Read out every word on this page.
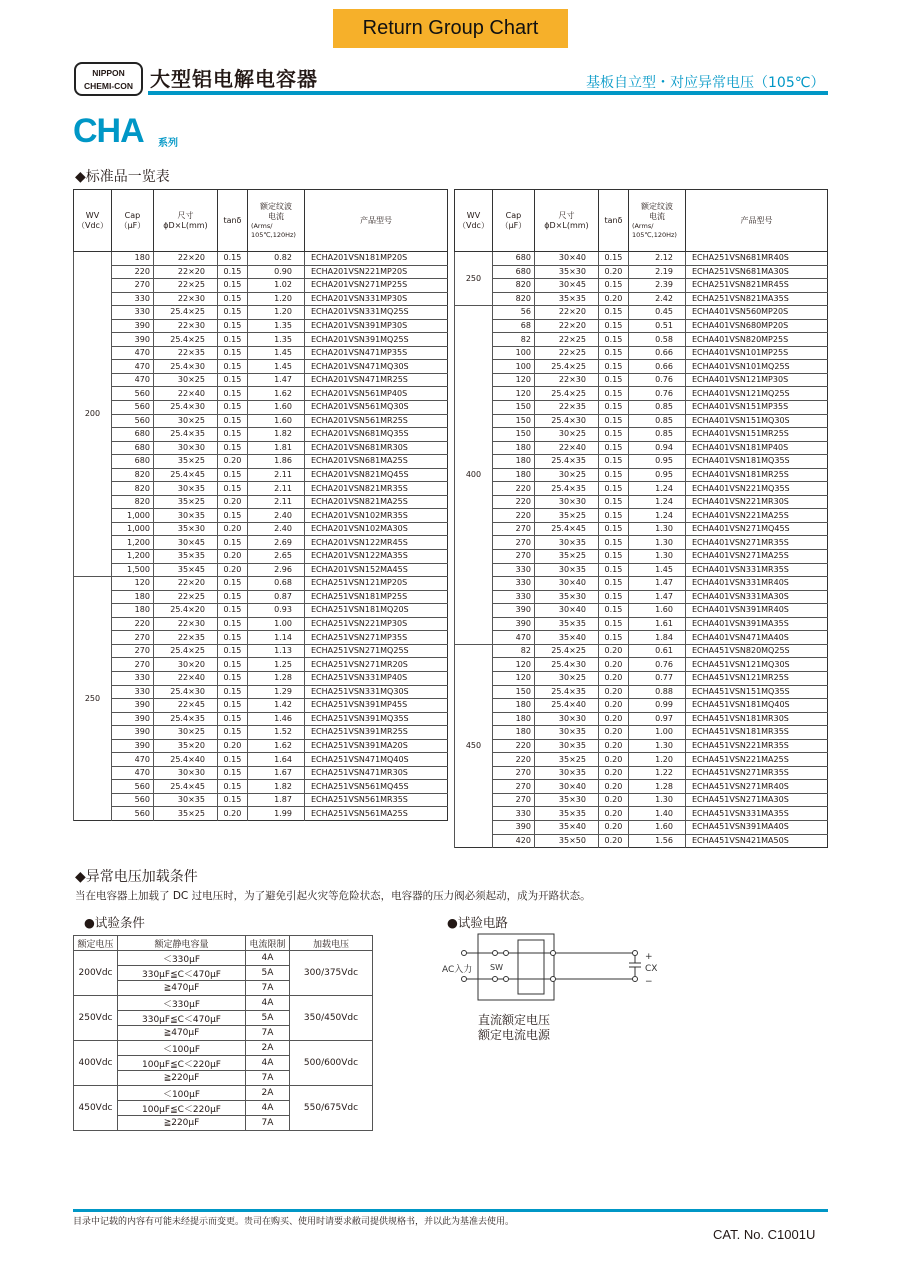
Return Group Chart
NIPPON
CHEMI-CON 大型铝电解电容器	基板自立型・对应异常电压（105℃）
CHA 系列
◆标准品一览表
WV
（Vdc）	Cap
（μF）	尺寸
ϕD×L(mm)	tanδ	额定纹波
电流
(Arms/
105℃,120Hz)	产品型号
200	180	22×20	0.15	0.82	ECHA201VSN181MP20S
	220	22×20	0.15	0.90	ECHA201VSN221MP20S
	270	22×25	0.15	1.02	ECHA201VSN271MP25S
	330	22×30	0.15	1.20	ECHA201VSN331MP30S
	330	25.4×25	0.15	1.20	ECHA201VSN331MQ25S
	390	22×30	0.15	1.35	ECHA201VSN391MP30S
	390	25.4×25	0.15	1.35	ECHA201VSN391MQ25S
	470	22×35	0.15	1.45	ECHA201VSN471MP35S
	470	25.4×30	0.15	1.45	ECHA201VSN471MQ30S
	470	30×25	0.15	1.47	ECHA201VSN471MR25S
	560	22×40	0.15	1.62	ECHA201VSN561MP40S
	560	25.4×30	0.15	1.60	ECHA201VSN561MQ30S
	560	30×25	0.15	1.60	ECHA201VSN561MR25S
	680	25.4×35	0.15	1.82	ECHA201VSN681MQ35S
	680	30×30	0.15	1.81	ECHA201VSN681MR30S
	680	35×25	0.20	1.86	ECHA201VSN681MA25S
	820	25.4×45	0.15	2.11	ECHA201VSN821MQ45S
	820	30×35	0.15	2.11	ECHA201VSN821MR35S
	820	35×25	0.20	2.11	ECHA201VSN821MA25S
	1,000	30×35	0.15	2.40	ECHA201VSN102MR35S
	1,000	35×30	0.20	2.40	ECHA201VSN102MA30S
	1,200	30×45	0.15	2.69	ECHA201VSN122MR45S
	1,200	35×35	0.20	2.65	ECHA201VSN122MA35S
	1,500	35×45	0.20	2.96	ECHA201VSN152MA45S
250	120	22×20	0.15	0.68	ECHA251VSN121MP20S
	180	22×25	0.15	0.87	ECHA251VSN181MP25S
	180	25.4×20	0.15	0.93	ECHA251VSN181MQ20S
	220	22×30	0.15	1.00	ECHA251VSN221MP30S
	270	22×35	0.15	1.14	ECHA251VSN271MP35S
	270	25.4×25	0.15	1.13	ECHA251VSN271MQ25S
	270	30×20	0.15	1.25	ECHA251VSN271MR20S
	330	22×40	0.15	1.28	ECHA251VSN331MP40S
	330	25.4×30	0.15	1.29	ECHA251VSN331MQ30S
	390	22×45	0.15	1.42	ECHA251VSN391MP45S
	390	25.4×35	0.15	1.46	ECHA251VSN391MQ35S
	390	30×25	0.15	1.52	ECHA251VSN391MR25S
	390	35×20	0.20	1.62	ECHA251VSN391MA20S
	470	25.4×40	0.15	1.64	ECHA251VSN471MQ40S
	470	30×30	0.15	1.67	ECHA251VSN471MR30S
	560	25.4×45	0.15	1.82	ECHA251VSN561MQ45S
	560	30×35	0.15	1.87	ECHA251VSN561MR35S
	560	35×25	0.20	1.99	ECHA251VSN561MA25S
WV
（Vdc）	Cap
（μF）	尺寸
ϕD×L(mm)	tanδ	额定纹波
电流
(Arms/
105℃,120Hz)	产品型号
250	680	30×40	0.15	2.12	ECHA251VSN681MR40S
	680	35×30	0.20	2.19	ECHA251VSN681MA30S
	820	30×45	0.15	2.39	ECHA251VSN821MR45S
	820	35×35	0.20	2.42	ECHA251VSN821MA35S
400	56	22×20	0.15	0.45	ECHA401VSN560MP20S
	68	22×20	0.15	0.51	ECHA401VSN680MP20S
	82	22×25	0.15	0.58	ECHA401VSN820MP25S
	100	22×25	0.15	0.66	ECHA401VSN101MP25S
	100	25.4×25	0.15	0.66	ECHA401VSN101MQ25S
	120	22×30	0.15	0.76	ECHA401VSN121MP30S
	120	25.4×25	0.15	0.76	ECHA401VSN121MQ25S
	150	22×35	0.15	0.85	ECHA401VSN151MP35S
	150	25.4×30	0.15	0.85	ECHA401VSN151MQ30S
	150	30×25	0.15	0.85	ECHA401VSN151MR25S
	180	22×40	0.15	0.94	ECHA401VSN181MP40S
	180	25.4×35	0.15	0.95	ECHA401VSN181MQ35S
	180	30×25	0.15	0.95	ECHA401VSN181MR25S
	220	25.4×35	0.15	1.24	ECHA401VSN221MQ35S
	220	30×30	0.15	1.24	ECHA401VSN221MR30S
	220	35×25	0.15	1.24	ECHA401VSN221MA25S
	270	25.4×45	0.15	1.30	ECHA401VSN271MQ45S
	270	30×35	0.15	1.30	ECHA401VSN271MR35S
	270	35×25	0.15	1.30	ECHA401VSN271MA25S
	330	30×35	0.15	1.45	ECHA401VSN331MR35S
	330	30×40	0.15	1.47	ECHA401VSN331MR40S
	330	35×30	0.15	1.47	ECHA401VSN331MA30S
	390	30×40	0.15	1.60	ECHA401VSN391MR40S
	390	35×35	0.15	1.61	ECHA401VSN391MA35S
	470	35×40	0.15	1.84	ECHA401VSN471MA40S
450	82	25.4×25	0.20	0.61	ECHA451VSN820MQ25S
	120	25.4×30	0.20	0.76	ECHA451VSN121MQ30S
	120	30×25	0.20	0.77	ECHA451VSN121MR25S
	150	25.4×35	0.20	0.88	ECHA451VSN151MQ35S
	180	25.4×40	0.20	0.99	ECHA451VSN181MQ40S
	180	30×30	0.20	0.97	ECHA451VSN181MR30S
	180	30×35	0.20	1.00	ECHA451VSN181MR35S
	220	30×35	0.20	1.30	ECHA451VSN221MR35S
	220	35×25	0.20	1.20	ECHA451VSN221MA25S
	270	30×35	0.20	1.22	ECHA451VSN271MR35S
	270	30×40	0.20	1.28	ECHA451VSN271MR40S
	270	35×30	0.20	1.30	ECHA451VSN271MA30S
	330	35×35	0.20	1.40	ECHA451VSN331MA35S
	390	35×40	0.20	1.60	ECHA451VSN391MA40S
	420	35×50	0.20	1.56	ECHA451VSN421MA50S
◆异常电压加载条件
当在电容器上加载了 DC 过电压时，为了避免引起火灾等危险状态，电容器的压力阀必须起动，成为开路状态。
●试验条件	●试验电路
额定电压	额定静电容量	电流限制	加载电压
200Vdc	＜330μF	4A	300/375Vdc
	330μF≦C＜470μF	5A	
	≧470μF	7A	
250Vdc	＜330μF	4A	350/450Vdc
	330μF≦C＜470μF	5A	
	≧470μF	7A	
400Vdc	＜100μF	2A	500/600Vdc
	100μF≦C＜220μF	4A	
	≧220μF	7A	
450Vdc	＜100μF	2A	550/675Vdc
	100μF≦C＜220μF	4A	
	≧220μF	7A	
AC入力 SW
+
CX
−
直流额定电压
额定电流电源
目录中记载的内容有可能未经提示而变更。贵司在购买、使用时请要求敝司提供规格书，并以此为基准去使用。
CAT. No. C1001U
